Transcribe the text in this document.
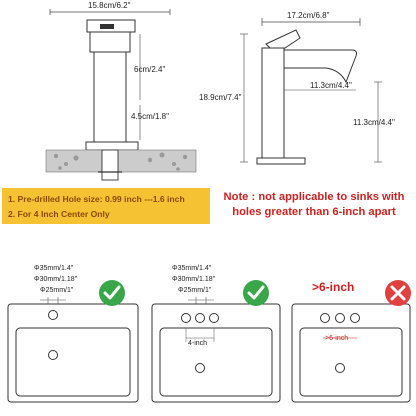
15.8cm/6.2"
6cm/2.4"
4.5cm/1.8"
17.2cm/6.8"
18.9cm/7.4"
11.3cm/4.4"
11.3cm/4.4"
Φ35mm/1.4"
Φ30mm/1.18"
Φ25mm/1"
Φ35mm/1.4"
Φ30mm/1.18"
Φ25mm/1"
4-inch
>6-inch
1. Pre-drilled Hole size: 0.99 inch ---1.6 inch
2. For 4 Inch Center Only
Note : not applicable to sinks with holes greater than 6-inch apart
>6-inch
